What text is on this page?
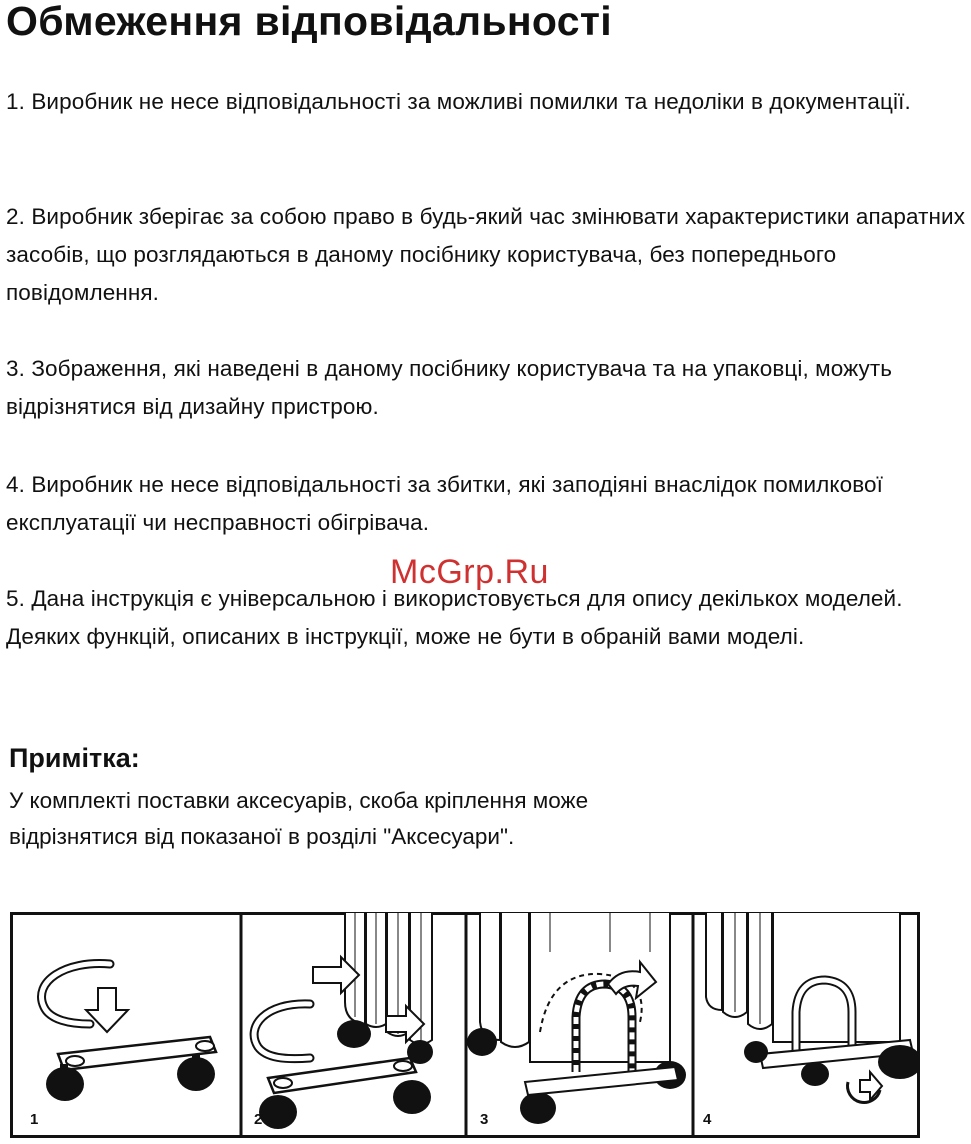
Обмеження відповідальності

1. Виробник не несе відповідальності за можливі помилки та недоліки в документації.

2. Виробник зберігає за собою право в будь-який час змінювати характеристики апаратних засобів, що розглядаються в даному посібнику користувача, без попереднього повідомлення.

3. Зображення, які наведені в даному посібнику користувача та на упаковці, можуть відрізнятися від дизайну пристрою.

4. Виробник не несе відповідальності за збитки, які заподіяні внаслідок помилкової експлуатації чи несправності обігрівача.

5. Дана інструкція є універсальною і використовується для опису декількох моделей. Деяких функцій, описаних в інструкції, може не бути в обраній вами моделі.

McGrp.Ru
Примітка:

У комплекті поставки аксесуарів, скоба кріплення може
відрізнятися від показаної в розділі "Аксесуари".

1	2	3	4
